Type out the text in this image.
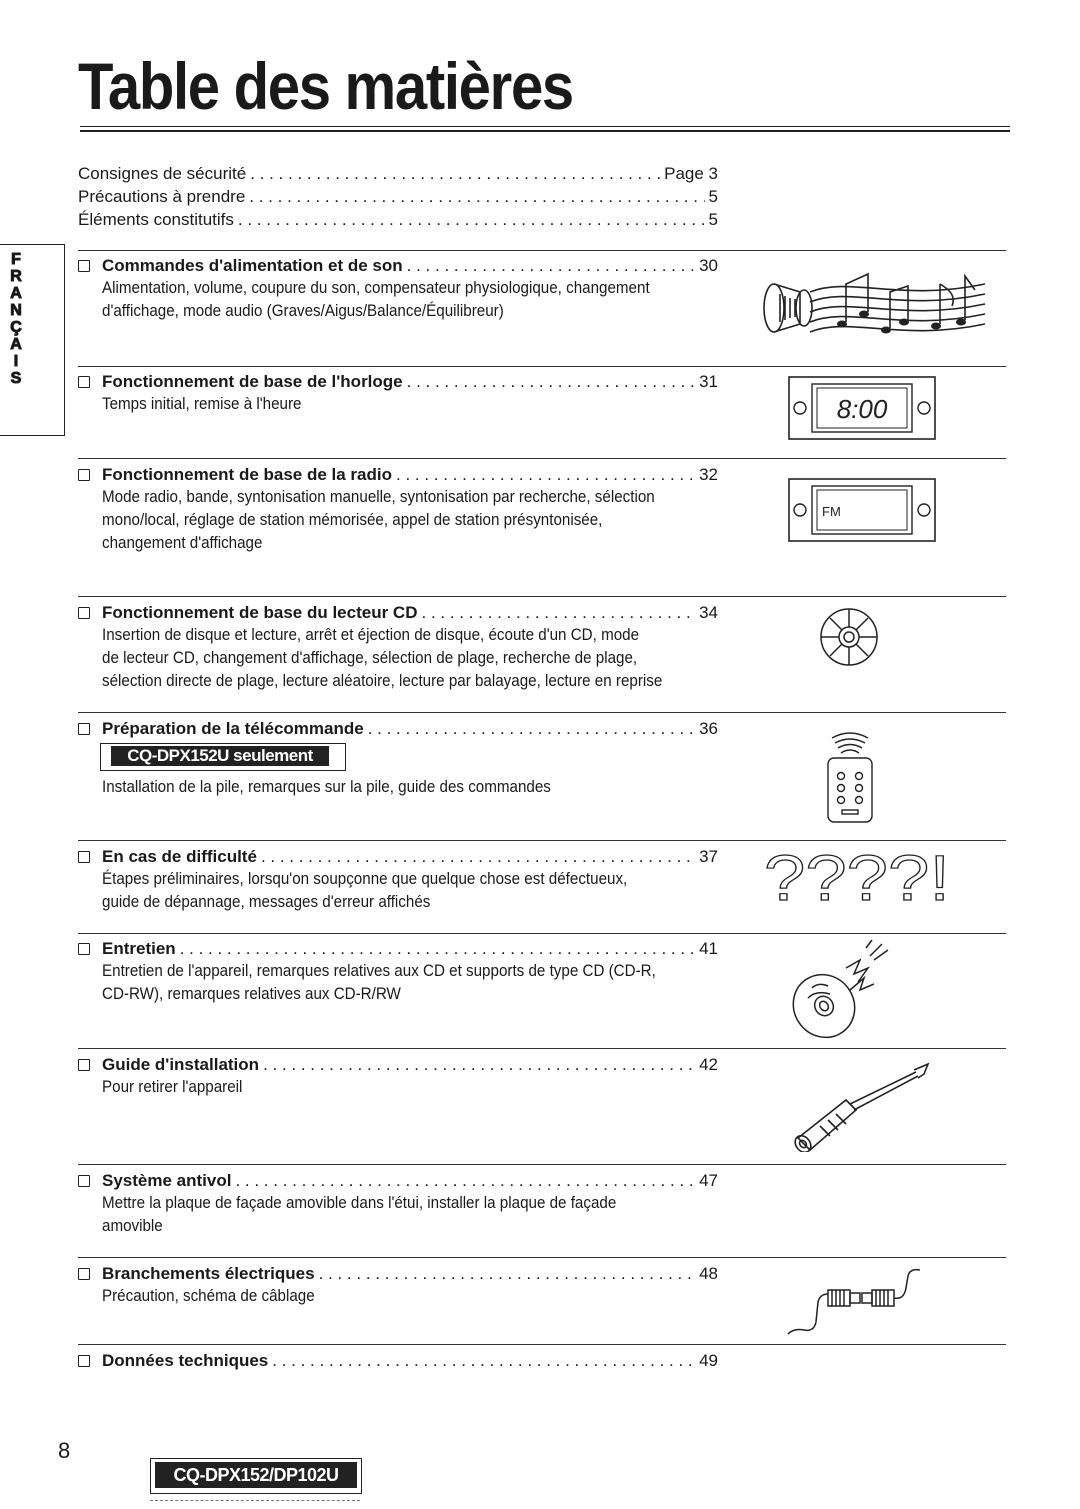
Table des matières
F
R
A
N
Ç
A
I
S
Consignes de sécurité . . .	Page 3
Précautions à prendre . . .	5
Éléments constitutifs . . .	5
Commandes d'alimentation et de son . . .	30
Alimentation, volume, coupure du son, compensateur physiologique, changement
d'affichage, mode audio (Graves/Aigus/Balance/Équilibreur)
Fonctionnement de base de l'horloge . . .	31
Temps initial, remise à l'heure
Fonctionnement de base de la radio . . .	32
Mode radio, bande, syntonisation manuelle, syntonisation par recherche, sélection
mono/local, réglage de station mémorisée, appel de station présyntonisée,
changement d'affichage
Fonctionnement de base du lecteur CD . . .	34
Insertion de disque et lecture, arrêt et éjection de disque, écoute d'un CD, mode
de lecteur CD, changement d'affichage, sélection de plage, recherche de plage,
sélection directe de plage, lecture aléatoire, lecture par balayage, lecture en reprise
Préparation de la télécommande . . .	36
CQ-DPX152U seulement
Installation de la pile, remarques sur la pile, guide des commandes
En cas de difficulté . . .	37
Étapes préliminaires, lorsqu'on soupçonne que quelque chose est défectueux,
guide de dépannage, messages d'erreur affichés
Entretien . . .	41
Entretien de l'appareil, remarques relatives aux CD et supports de type CD (CD-R,
CD-RW), remarques relatives aux CD-R/RW
Guide d'installation . . .	42
Pour retirer l'appareil
Système antivol . . .	47
Mettre la plaque de façade amovible dans l'étui, installer la plaque de façade
amovible
Branchements électriques . . .	48
Précaution, schéma de câblage
Données techniques . . .	49
8:00
FM
????!
8
CQ-DPX152/DP102U
